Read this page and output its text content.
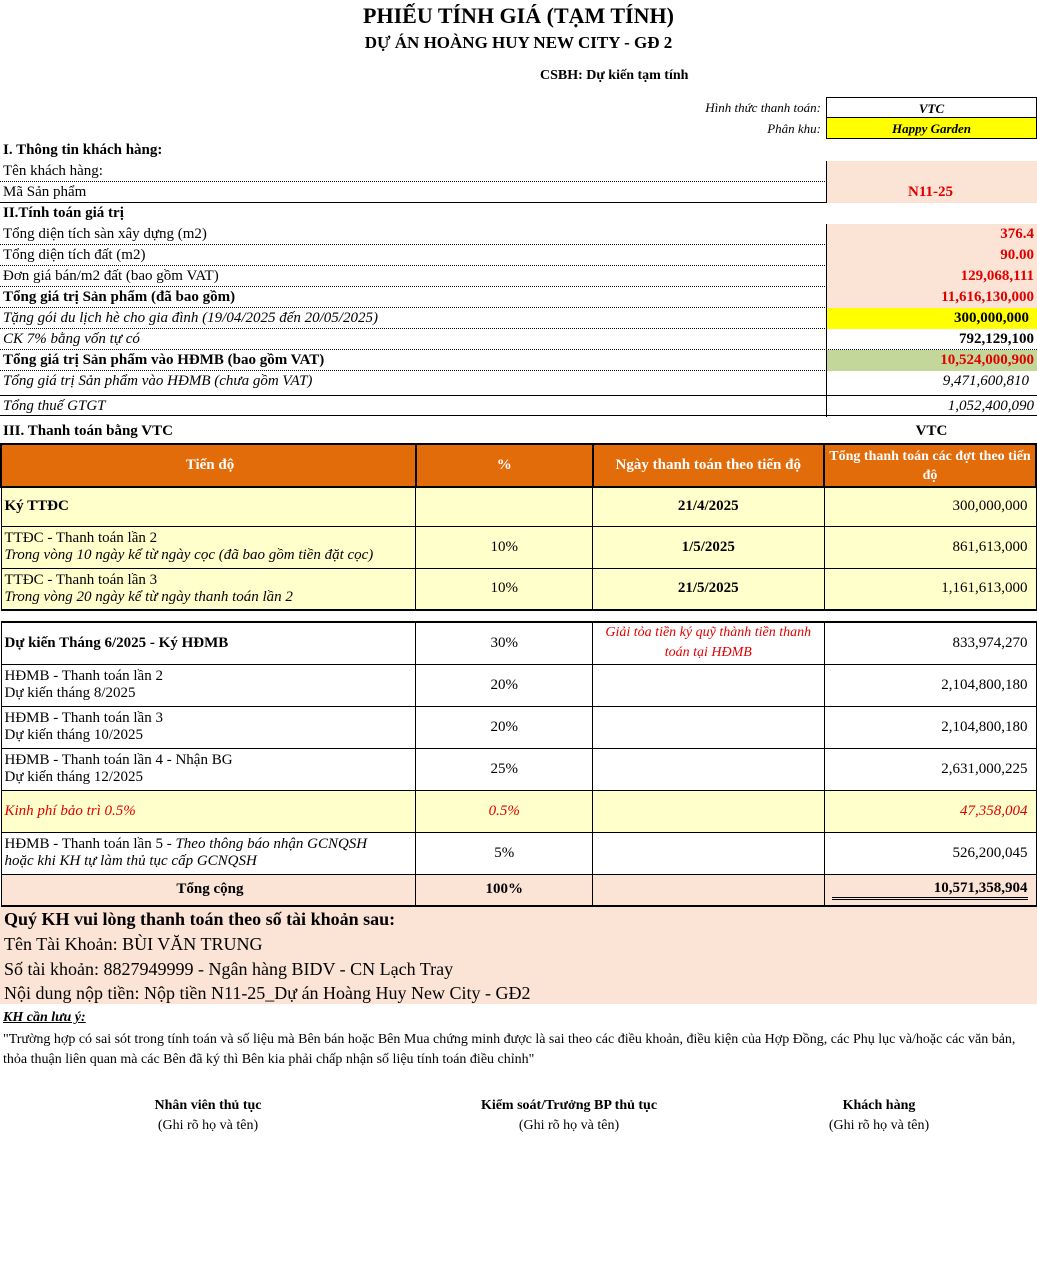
PHIẾU TÍNH GIÁ (TẠM TÍNH)
DỰ ÁN HOÀNG HUY NEW CITY - GĐ 2
CSBH: Dự kiến tạm tính
Hình thức thanh toán:	VTC
Phân khu:	Happy Garden
I. Thông tin khách hàng:
Tên khách hàng:
Mã Sản phẩm	N11-25
II.Tính toán giá trị
Tổng diện tích sàn xây dựng (m2)	376.4
Tổng diện tích đất (m2)	90.00
Đơn giá bán/m2 đất (bao gồm VAT)	129,068,111
Tổng giá trị Sản phẩm (đã bao gồm)	11,616,130,000
Tặng gói du lịch hè cho gia đình (19/04/2025 đến 20/05/2025)	300,000,000
CK 7% bằng vốn tự có	792,129,100
Tổng giá trị Sản phẩm vào HĐMB (bao gồm VAT)	10,524,000,900
Tổng giá trị Sản phẩm vào HĐMB (chưa gồm VAT)	9,471,600,810
Tổng thuế GTGT	1,052,400,090
III. Thanh toán bằng VTC	VTC
Tiến độ	%	Ngày thanh toán theo tiến độ	Tổng thanh toán các đợt theo tiến độ
Ký TTĐC		21/4/2025	300,000,000

TTĐC - Thanh toán lần 2
Trong vòng 10 ngày kể từ ngày cọc (đã bao gồm tiền đặt cọc)	10%	1/5/2025	861,613,000

TTĐC - Thanh toán lần 3
Trong vòng 20 ngày kể từ ngày thanh toán lần 2	10%	21/5/2025	1,161,613,000

Dự kiến Tháng 6/2025 - Ký HĐMB	30%	Giải tỏa tiền ký quỹ thành tiền thanh toán tại HĐMB	833,974,270

HĐMB - Thanh toán lần 2
Dự kiến tháng 8/2025	20%		2,104,800,180

HĐMB - Thanh toán lần 3
Dự kiến tháng 10/2025	20%		2,104,800,180

HĐMB - Thanh toán lần 4 - Nhận BG
Dự kiến tháng 12/2025	25%		2,631,000,225
Kinh phí bảo trì 0.5%	0.5%		47,358,004

HĐMB - Thanh toán lần 5 - Theo thông báo nhận GCNQSH
hoặc khi KH tự làm thủ tục cấp GCNQSH	5%		526,200,045
Tổng cộng	100%		10,571,358,904
Quý KH vui lòng thanh toán theo số tài khoản sau:
Tên Tài Khoản: BÙI VĂN TRUNG
Số tài khoản: 8827949999 - Ngân hàng BIDV - CN Lạch Tray
Nội dung nộp tiền: Nộp tiền N11-25_Dự án Hoàng Huy New City - GĐ2
KH cần lưu ý:
"Trường hợp có sai sót trong tính toán và số liệu mà Bên bán hoặc Bên Mua chứng minh được là sai theo các điều khoản, điều kiện của Hợp Đồng, các Phụ lục và/hoặc các văn bản, thỏa thuận liên quan mà các Bên đã ký thì Bên kia phải chấp nhận số liệu tính toán điều chỉnh"
Nhân viên thủ tục
(Ghi rõ họ và tên)
Kiểm soát/Trưởng BP thủ tục
(Ghi rõ họ và tên)
Khách hàng
(Ghi rõ họ và tên)
